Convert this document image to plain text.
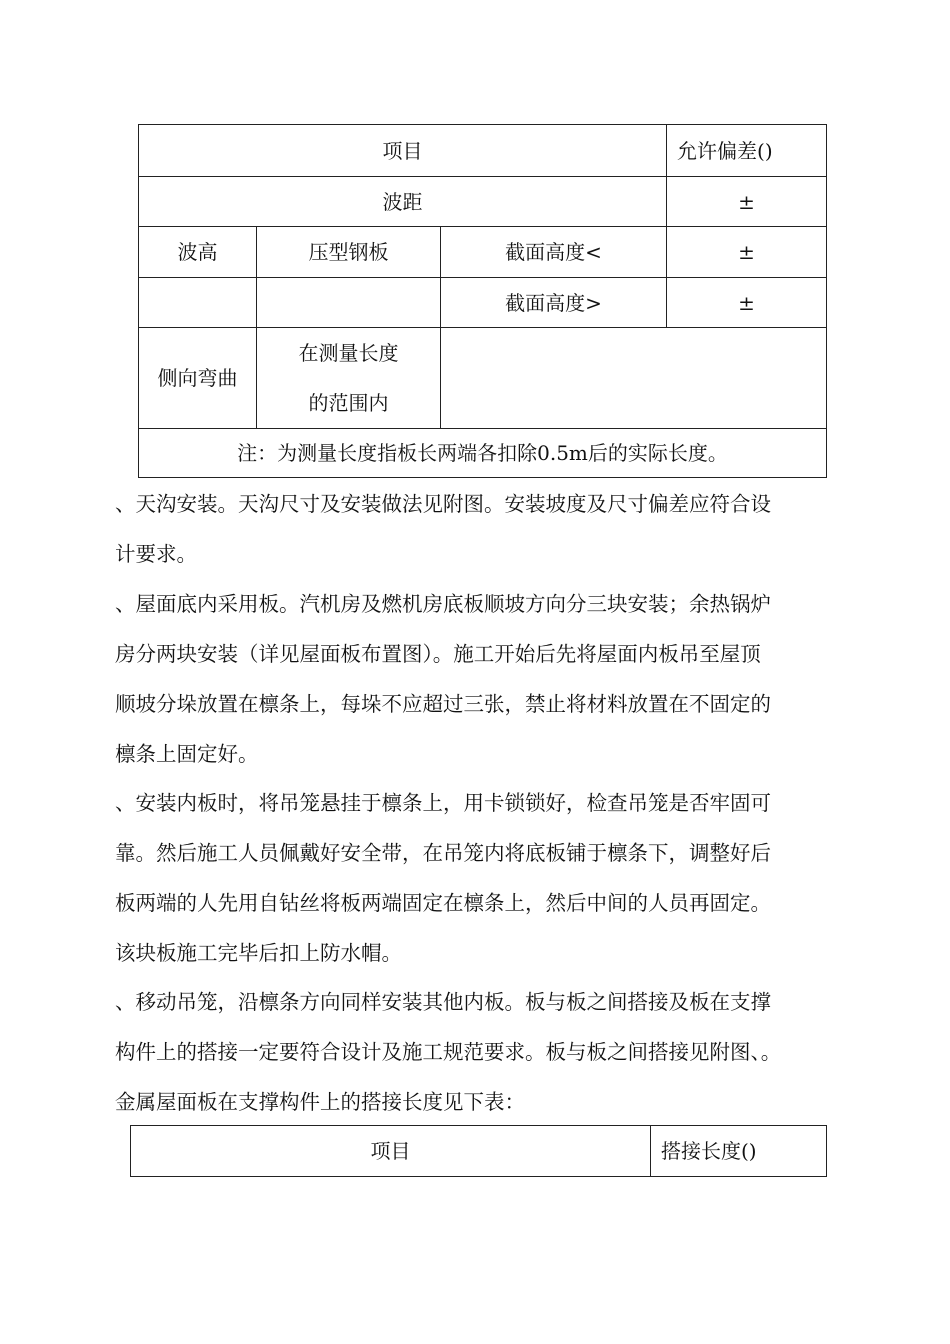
项目			允许偏差()
波距			±
波高	压型钢板	截面高度<	±
		截面高度>	±
侧向弯曲	在测量长度
的范围内		
注：为测量长度指板长两端各扣除0.5m后的实际长度。			
、天沟安装。天沟尺寸及安装做法见附图。安装坡度及尺寸偏差应符合设
计要求。
、屋面底内采用板。汽机房及燃机房底板顺坡方向分三块安装；余热锅炉
房分两块安装（详见屋面板布置图）。施工开始后先将屋面内板吊至屋顶
顺坡分垛放置在檩条上，每垛不应超过三张，禁止将材料放置在不固定的
檩条上固定好。
、安装内板时，将吊笼悬挂于檩条上，用卡锁锁好，检查吊笼是否牢固可
靠。然后施工人员佩戴好安全带，在吊笼内将底板铺于檩条下，调整好后
板两端的人先用自钻丝将板两端固定在檩条上，然后中间的人员再固定。
该块板施工完毕后扣上防水帽。
、移动吊笼，沿檩条方向同样安装其他内板。板与板之间搭接及板在支撑
构件上的搭接一定要符合设计及施工规范要求。板与板之间搭接见附图、。
金属屋面板在支撑构件上的搭接长度见下表：
项目	搭接长度()
